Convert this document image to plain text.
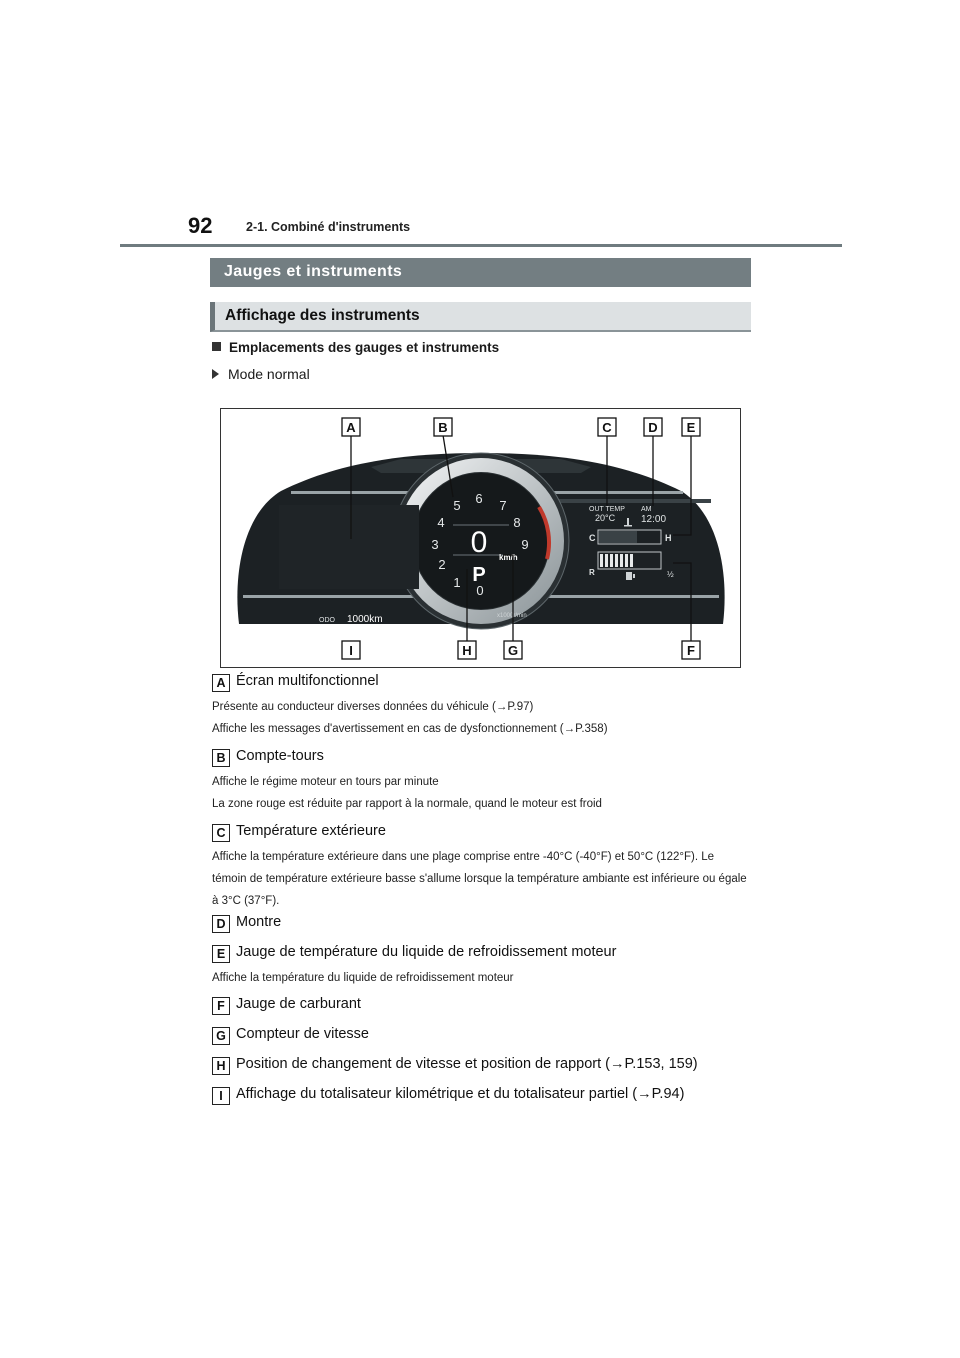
92	2-1. Combiné d'instruments
Jauges et instruments
Affichage des instruments
Emplacements des gauges et instruments
Mode normal
1
2
3
4
5 6 7
8
9
0
0 km/h
P
x1000r/min
OUT TEMP
20°C
AM
12:00
C	H
R	½
ODO 1000km
A	B	C	D E
I	H	G	F
A Écran multifonctionnel
Présente au conducteur diverses données du véhicule (→P.97)
Affiche les messages d'avertissement en cas de dysfonctionnement (→P.358)
B Compte-tours
Affiche le régime moteur en tours par minute
La zone rouge est réduite par rapport à la normale, quand le moteur est froid
C Température extérieure
Affiche la température extérieure dans une plage comprise entre -40°C (-40°F) et 50°C (122°F). Le témoin de température extérieure basse s'allume lorsque la température ambiante est inférieure ou égale à 3°C (37°F).
D Montre
E Jauge de température du liquide de refroidissement moteur
Affiche la température du liquide de refroidissement moteur
F Jauge de carburant
G Compteur de vitesse
H Position de changement de vitesse et position de rapport (→P.153, 159)
I Affichage du totalisateur kilométrique et du totalisateur partiel (→P.94)
